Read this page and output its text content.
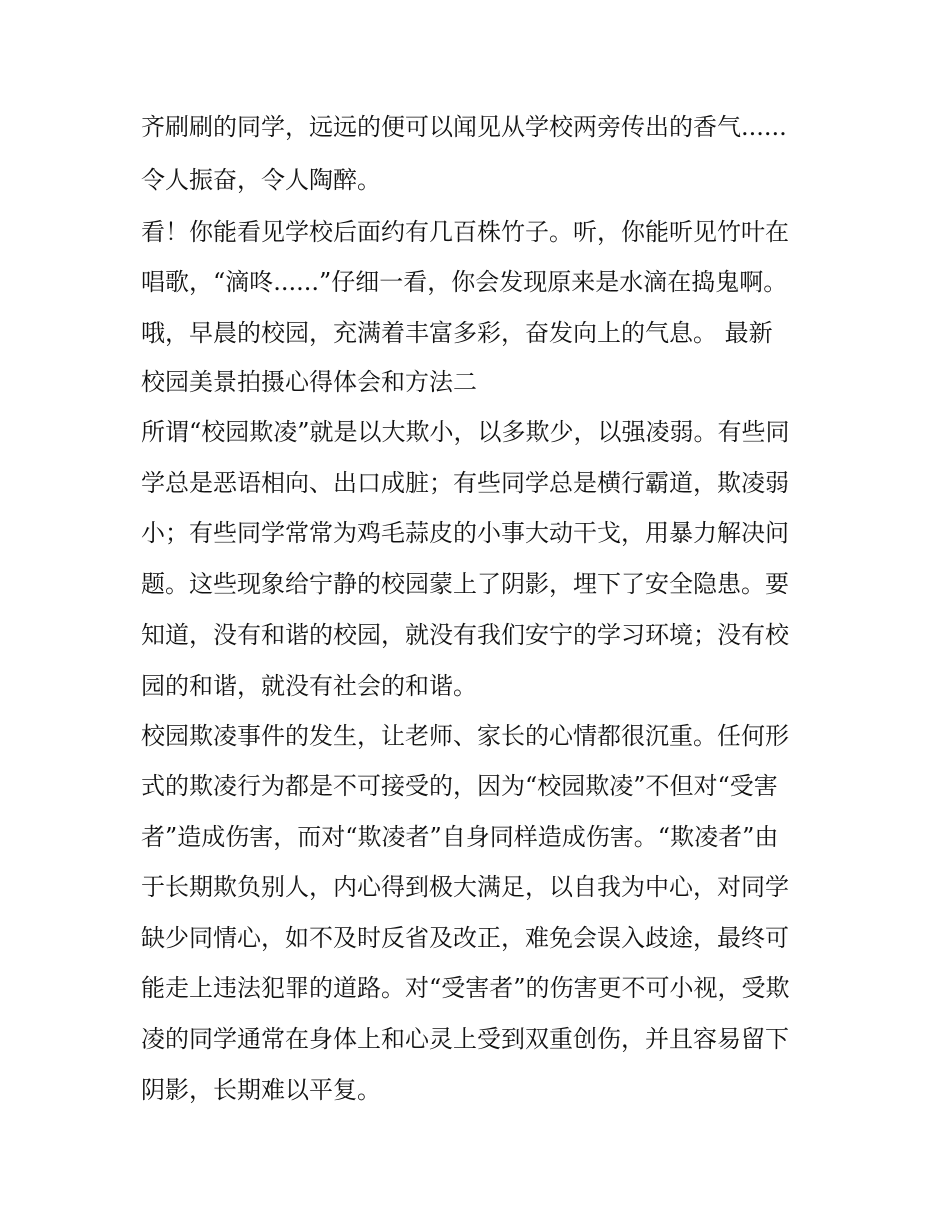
齐刷刷的同学，远远的便可以闻见从学校两旁传出的香气......
令人振奋，令人陶醉。
看！你能看见学校后面约有几百株竹子。听，你能听见竹叶在
唱歌，“滴咚......”仔细一看，你会发现原来是水滴在捣鬼啊。
哦，早晨的校园，充满着丰富多彩，奋发向上的气息。 最新
校园美景拍摄心得体会和方法二
所谓“校园欺凌”就是以大欺小，以多欺少，以强凌弱。有些同
学总是恶语相向、出口成脏；有些同学总是横行霸道，欺凌弱
小；有些同学常常为鸡毛蒜皮的小事大动干戈，用暴力解决问
题。这些现象给宁静的校园蒙上了阴影，埋下了安全隐患。要
知道，没有和谐的校园，就没有我们安宁的学习环境；没有校
园的和谐，就没有社会的和谐。
校园欺凌事件的发生，让老师、家长的心情都很沉重。任何形
式的欺凌行为都是不可接受的，因为“校园欺凌”不但对“受害
者”造成伤害，而对“欺凌者”自身同样造成伤害。“欺凌者”由
于长期欺负别人，内心得到极大满足，以自我为中心，对同学
缺少同情心，如不及时反省及改正，难免会误入歧途，最终可
能走上违法犯罪的道路。对“受害者”的伤害更不可小视，受欺
凌的同学通常在身体上和心灵上受到双重创伤，并且容易留下
阴影，长期难以平复。
